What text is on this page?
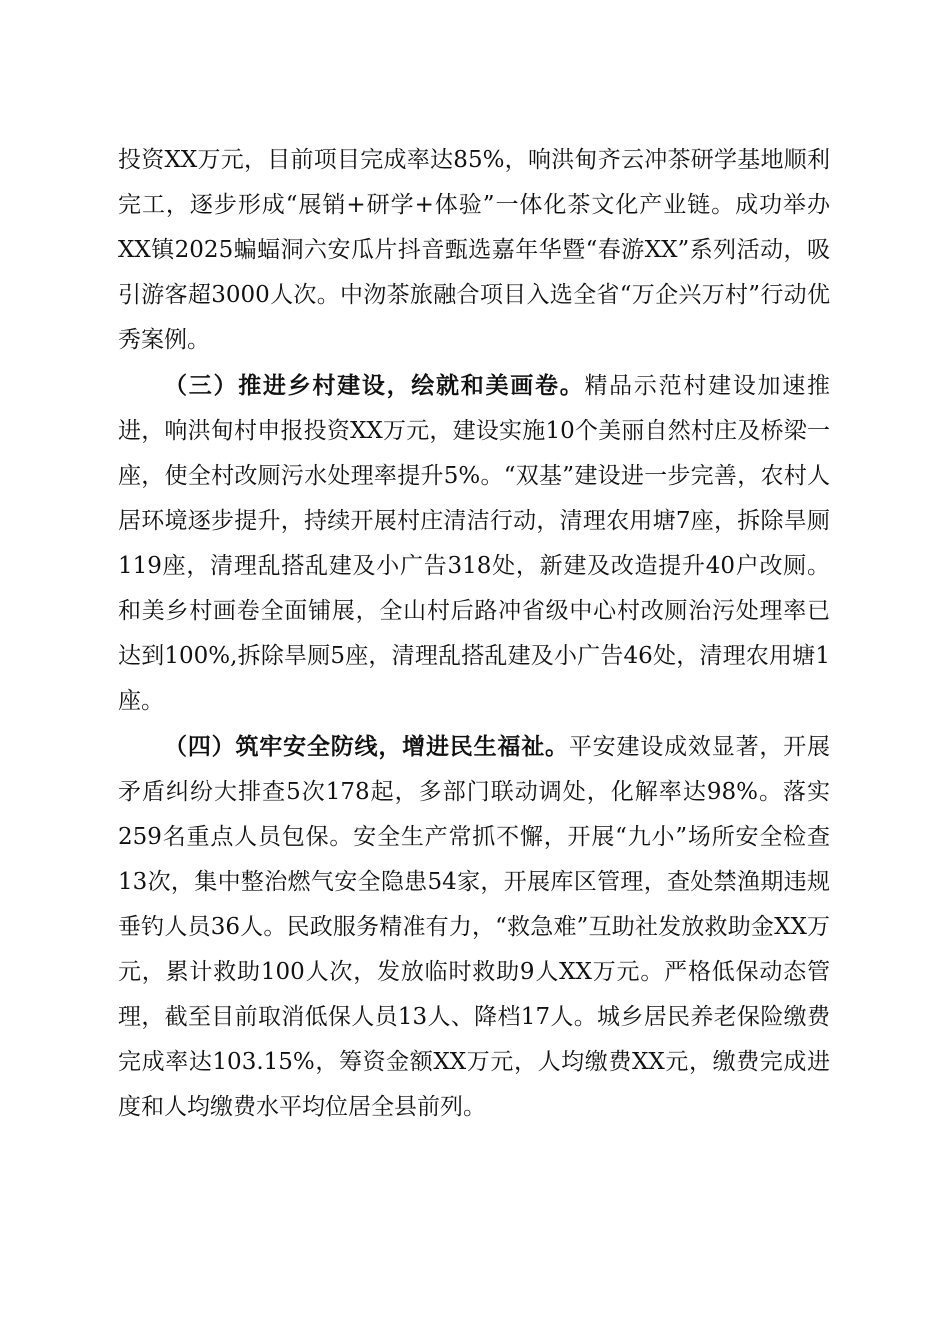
投资XX万元，目前项目完成率达85%，响洪甸齐云冲茶研学基地顺利完工，逐步形成“展销+研学+体验”一体化茶文化产业链。成功举办XX镇2025蝙蝠洞六安瓜片抖音甄选嘉年华暨“春游XX”系列活动，吸引游客超3000人次。中沕茶旅融合项目入选全省“万企兴万村”行动优秀案例。

（三）推进乡村建设，绘就和美画卷。精品示范村建设加速推进，响洪甸村申报投资XX万元，建设实施10个美丽自然村庄及桥梁一座，使全村改厕污水处理率提升5%。“双基”建设进一步完善，农村人居环境逐步提升，持续开展村庄清洁行动，清理农用塘7座，拆除旱厕119座，清理乱搭乱建及小广告318处，新建及改造提升40户改厕。和美乡村画卷全面铺展，全山村后路冲省级中心村改厕治污处理率已达到100%,拆除旱厕5座，清理乱搭乱建及小广告46处，清理农用塘1座。

（四）筑牢安全防线，增进民生福祉。平安建设成效显著，开展矛盾纠纷大排查5次178起，多部门联动调处，化解率达98%。落实259名重点人员包保。安全生产常抓不懈，开展“九小”场所安全检查13次，集中整治燃气安全隐患54家，开展库区管理，查处禁渔期违规垂钓人员36人。民政服务精准有力，“救急难”互助社发放救助金XX万元，累计救助100人次，发放临时救助9人XX万元。严格低保动态管理，截至目前取消低保人员13人、降档17人。城乡居民养老保险缴费完成率达103.15%，筹资金额XX万元，人均缴费XX元，缴费完成进度和人均缴费水平均位居全县前列。
